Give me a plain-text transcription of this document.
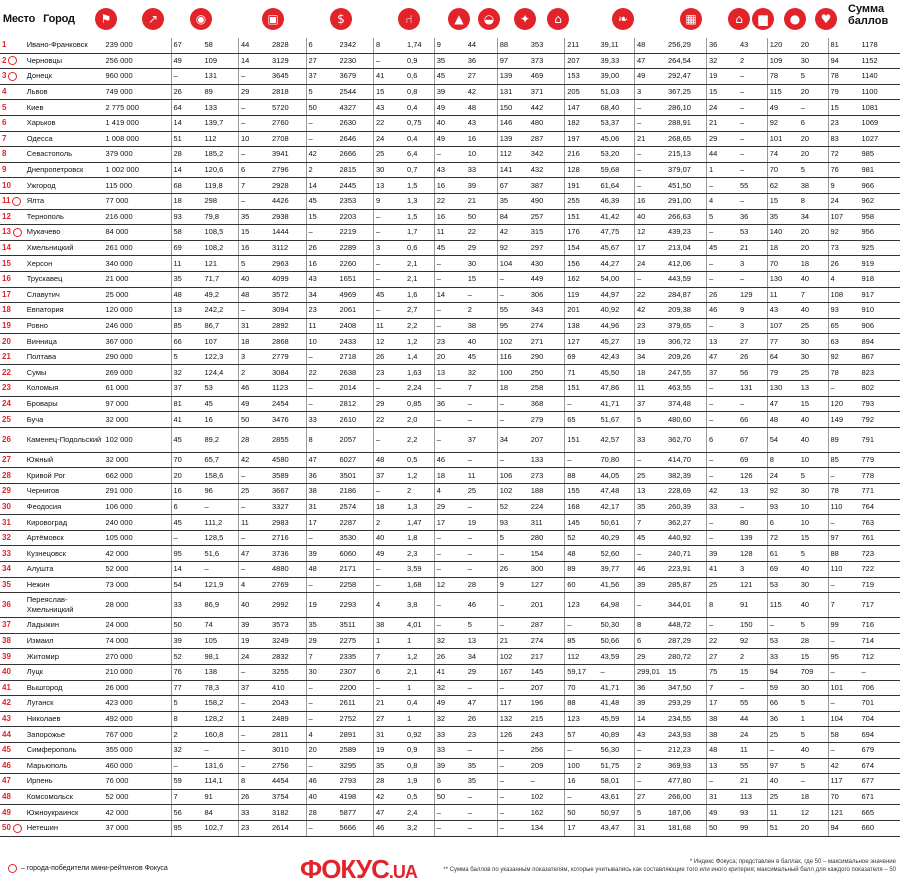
Место Город	⚑	↗	◉	▣	$	⑁	▲	◒	✦	⌂	❧	▦	⌂	▆	●	♥
Сумма
баллов
1	Ивано-Франковск	239 000	67	58	44	2828	6	2342	8	1,74	9	44	88	353	211	39,11	48	256,29	36	43	120	20	81	1178
2	Черновцы	256 000	49	109	14	3129	27	2230	–	0,9	35	36	97	373	207	39,33	47	264,54	32	2	109	30	94	1152
3	Донецк	960 000	–	131	–	3645	37	3679	41	0,6	45	27	139	469	153	39,00	49	292,47	19	–	78	5	78	1140
4	Львов	749 000	26	89	29	2818	5	2544	15	0,8	39	42	131	371	205	51,03	3	367,25	15	–	115	20	79	1100
5	Киев	2 775 000	64	133	–	5720	50	4327	43	0,4	49	48	150	442	147	68,40	–	286,10	24	–	49	–	15	1081
6	Харьков	1 419 000	14	139,7	–	2760	–	2630	22	0,75	40	43	146	480	182	53,37	–	288,91	21	–	92	6	23	1069
7	Одесса	1 008 000	51	112	10	2708	–	2646	24	0,4	49	16	139	287	197	45,06	21	268,65	29	–	101	20	83	1027
8	Севастополь	379 000	28	185,2	–	3941	42	2666	25	6,4	–	10	112	342	216	53,20	–	215,13	44	–	74	20	72	985
9	Днепропетровск	1 002 000	14	120,6	6	2796	2	2815	30	0,7	43	33	141	432	128	59,68	–	379,07	1	–	70	5	76	981
10	Ужгород	115 000	68	119,8	7	2928	14	2445	13	1,5	16	39	67	387	191	61,64	–	451,50	–	55	62	38	9	966
11	Ялта	77 000	18	298	–	4426	45	2353	9	1,3	22	21	35	490	255	46,39	16	291,00	4	–	15	8	24	962
12	Тернополь	216 000	93	79,8	35	2938	15	2203	–	1,5	16	50	84	257	151	41,42	40	266,63	5	36	35	34	107	958
13	Мукачево	84 000	58	108,5	15	1444	–	2219	–	1,7	11	22	42	315	176	47,75	12	439,23	–	53	140	20	92	956
14	Хмельницкий	261 000	69	108,2	16	3112	26	2289	3	0,6	45	29	92	297	154	45,67	17	213,04	45	21	18	20	73	925
15	Херсон	340 000	11	121	5	2963	16	2260	–	2,1	–	30	104	430	156	44,27	24	412,06	–	3	70	18	26	919
16	Трускавец	21 000	35	71,7	40	4099	43	1651	–	2,1	–	15	–	449	162	54,00	–	443,59	–	–	130	40	4	918
17	Славутич	25 000	48	49,2	48	3572	34	4969	45	1,6	14	–	–	306	119	44,97	22	284,87	26	129	11	7	108	917
18	Евпатория	120 000	13	242,2	–	3094	23	2061	–	2,7	–	2	55	343	201	40,92	42	209,38	46	9	43	40	93	910
19	Ровно	246 000	85	86,7	31	2892	11	2408	11	2,2	–	38	95	274	138	44,96	23	379,65	–	3	107	25	65	906
20	Винница	367 000	66	107	18	2868	10	2433	12	1,2	23	40	102	271	127	45,27	19	306,72	13	27	77	30	63	894
21	Полтава	290 000	5	122,3	3	2779	–	2718	26	1,4	20	45	116	290	69	42,43	34	209,26	47	26	64	30	92	867
22	Сумы	269 000	32	124,4	2	3084	22	2638	23	1,63	13	32	100	250	71	45,50	18	247,55	37	56	79	25	78	823
23	Коломыя	61 000	37	53	46	1123	–	2014	–	2,24	–	7	18	258	151	47,86	11	463,55	–	131	130	13	–	802
24	Бровары	97 000	81	45	49	2454	–	2812	29	0,85	36	–	–	368	–	41,71	37	374,48	–	–	47	15	120	793
25	Буча	32 000	41	16	50	3476	33	2610	22	2,0	–	–	–	279	65	51,67	5	480,60	–	66	48	40	149	792
26	Каменец-Подольский	102 000	45	89,2	28	2855	8	2057	–	2,2	–	37	34	207	151	42,57	33	362,70	6	67	54	40	89	791
27	Южный	32 000	70	65,7	42	4580	47	6027	48	0,5	46	–	–	133	–	70,80	–	414,70	–	69	8	10	85	779
28	Кривой Рог	662 000	20	158,6	–	3589	36	3501	37	1,2	18	11	106	273	88	44,05	25	382,39	–	126	24	5	–	778
29	Чернигов	291 000	16	96	25	3667	38	2186	–	2	4	25	102	188	155	47,48	13	228,69	42	13	92	30	78	771
30	Феодосия	106 000	6	–	–	3327	31	2574	18	1,3	29	–	52	224	168	42,17	35	260,39	33	–	93	10	110	764
31	Кировоград	240 000	45	111,2	11	2983	17	2287	2	1,47	17	19	93	311	145	50,61	7	362,27	–	80	6	10	–	763
32	Артёмовск	105 000	–	128,5	–	2716	–	3530	40	1,8	–	–	5	280	52	40,29	45	440,92	–	139	72	15	97	761
33	Кузнецовск	42 000	95	51,6	47	3736	39	6060	49	2,3	–	–	–	154	48	52,60	–	240,71	39	128	61	5	88	723
34	Алушта	52 000	14	–	–	4880	48	2171	–	3,59	–	–	26	300	89	39,77	46	223,91	41	3	69	40	110	722
35	Нежин	73 000	54	121,9	4	2769	–	2258	–	1,68	12	28	9	127	60	41,56	39	285,87	25	121	53	30	–	719
36	Переяслав-Хмельницкий	28 000	33	86,9	40	2992	19	2293	4	3,8	–	46	–	201	123	64,98	–	344,01	8	91	115	40	7	717
37	Ладыжин	24 000	50	74	39	3573	35	3511	38	4,01	–	5	–	287	–	50,30	8	448,72	–	150	–	5	99	716
38	Измаил	74 000	39	105	19	3249	29	2275	1	1	32	13	21	274	85	50,66	6	287,29	22	92	53	28	–	714
39	Житомир	270 000	52	98,1	24	2832	7	2335	7	1,2	26	34	102	217	112	43,59	29	280,72	27	2	33	15	95	712
40	Луцк	210 000	76	138	–	3255	30	2307	6	2,1	41	29	167	145	59,17	–	299,01	15	75	15	94	709	–	–
41	Вышгород	26 000	77	78,3	37	410	–	2200	–	1	32	–	–	207	70	41,71	36	347,50	7	–	59	30	101	706
42	Луганск	423 000	5	158,2	–	2043	–	2611	21	0,4	49	47	117	196	88	41,48	39	293,29	17	55	66	5	–	701
43	Николаев	492 000	8	128,2	1	2489	–	2752	27	1	32	26	132	215	123	45,59	14	234,55	38	44	36	1	104	704
44	Запорожье	767 000	2	160,8	–	2811	4	2891	31	0,92	33	23	126	243	57	40,89	43	243,93	38	24	25	5	58	694
45	Симферополь	355 000	32	–	–	3010	20	2589	19	0,9	33	–	–	256	–	56,30	–	212,23	48	11	–	40	–	679
46	Марьюполь	460 000	–	131,6	–	2756	–	3295	35	0,8	39	35	–	209	100	51,75	2	369,93	13	55	97	5	42	674
47	Ирпень	76 000	59	114,1	8	4454	46	2793	28	1,9	6	35	–	–	16	58,01	–	477,80	–	21	40	–	117	677
48	Комсомольск	52 000	7	91	26	3754	40	4198	42	0,5	50	–	–	102	–	43,61	27	266,00	31	113	25	18	70	671
49	Южноукраинск	42 000	56	84	33	3182	28	5877	47	2,4	–	–	–	162	50	50,97	5	187,06	49	93	11	12	121	665
50	Нетешин	37 000	95	102,7	23	2614	–	5666	46	3,2	–	–	–	134	17	43,47	31	181,68	50	99	51	20	94	660
– города-победители мини-рейтингов Фокуса	ФОКУС.UA	* Индекс Фокуса; представлен в баллах, где 50 – максимальное значение
** Сумма баллов по указанным показателям, которые учитывались как составляющие того или иного критерия; максимальный балл для каждого показателя – 50
